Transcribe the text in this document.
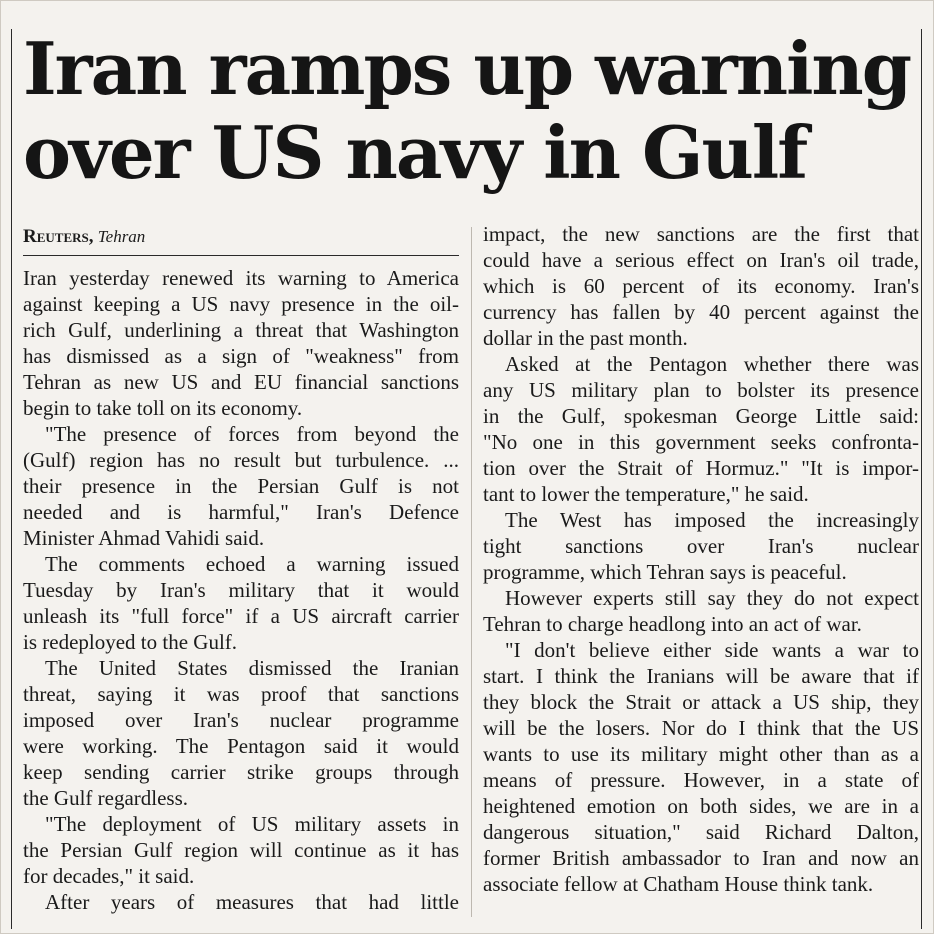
Iran ramps up warning
over US navy in Gulf
Reuters, Tehran
Iran yesterday renewed its warning to America
against keeping a US navy presence in the oil-
rich Gulf, underlining a threat that Washington
has dismissed as a sign of "weakness" from
Tehran as new US and EU financial sanctions
begin to take toll on its economy.
"The presence of forces from beyond the
(Gulf) region has no result but turbulence. ...
their presence in the Persian Gulf is not
needed and is harmful," Iran's Defence
Minister Ahmad Vahidi said.
The comments echoed a warning issued
Tuesday by Iran's military that it would
unleash its "full force" if a US aircraft carrier
is redeployed to the Gulf.
The United States dismissed the Iranian
threat, saying it was proof that sanctions
imposed over Iran's nuclear programme
were working. The Pentagon said it would
keep sending carrier strike groups through
the Gulf regardless.
"The deployment of US military assets in
the Persian Gulf region will continue as it has
for decades," it said.
After years of measures that had little
impact, the new sanctions are the first that
could have a serious effect on Iran's oil trade,
which is 60 percent of its economy. Iran's
currency has fallen by 40 percent against the
dollar in the past month.
Asked at the Pentagon whether there was
any US military plan to bolster its presence
in the Gulf, spokesman George Little said:
"No one in this government seeks confronta-
tion over the Strait of Hormuz." "It is impor-
tant to lower the temperature," he said.
The West has imposed the increasingly
tight sanctions over Iran's nuclear
programme, which Tehran says is peaceful.
However experts still say they do not expect
Tehran to charge headlong into an act of war.
"I don't believe either side wants a war to
start. I think the Iranians will be aware that if
they block the Strait or attack a US ship, they
will be the losers. Nor do I think that the US
wants to use its military might other than as a
means of pressure. However, in a state of
heightened emotion on both sides, we are in a
dangerous situation," said Richard Dalton,
former British ambassador to Iran and now an
associate fellow at Chatham House think tank.
